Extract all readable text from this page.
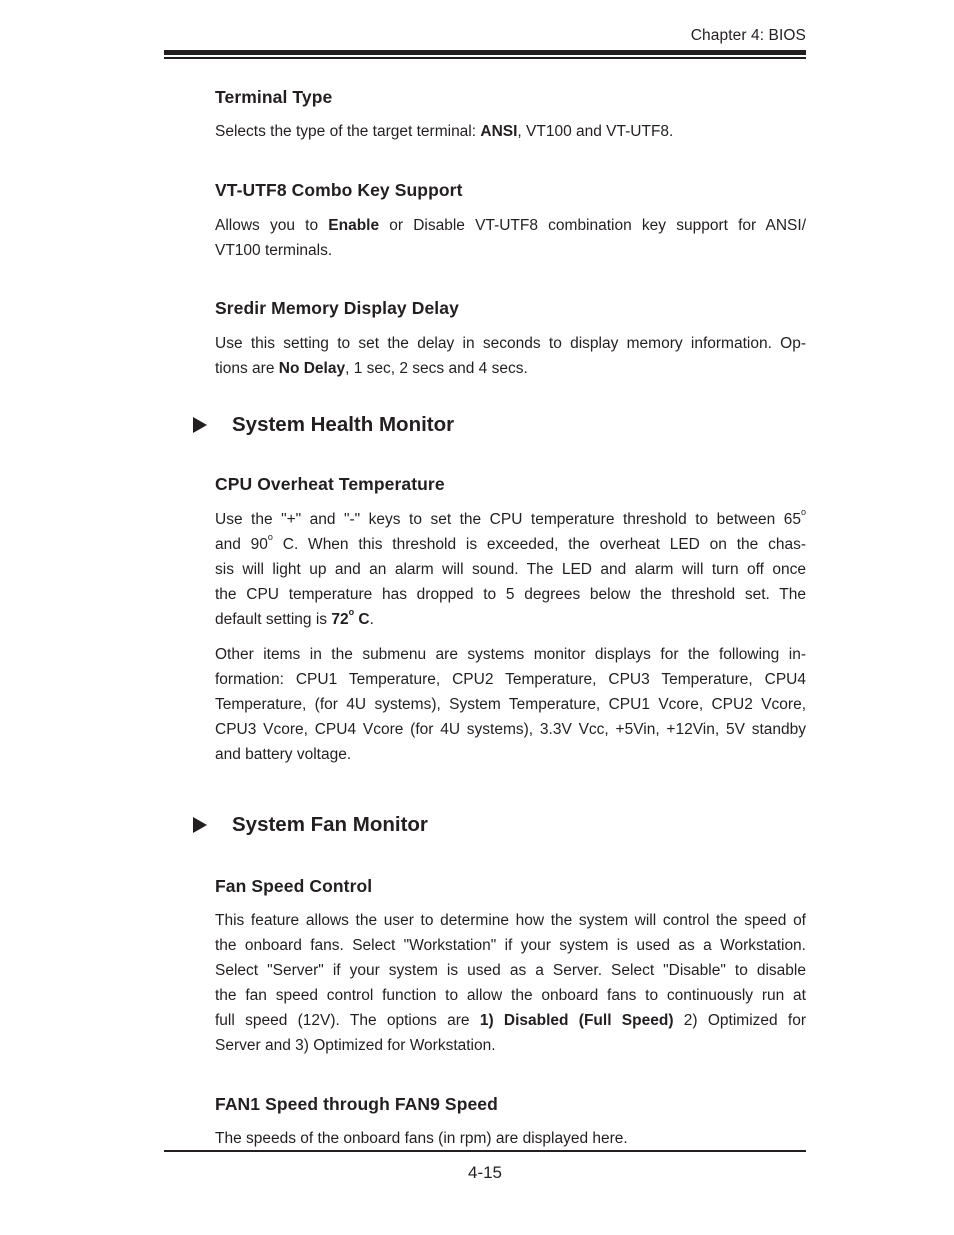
Chapter 4: BIOS
Terminal Type
Selects the type of the target terminal: ANSI, VT100 and VT-UTF8.
VT-UTF8 Combo Key Support
Allows you to Enable or Disable VT-UTF8 combination key support for ANSI/
VT100 terminals.
Sredir Memory Display Delay
Use this setting to set the delay in seconds to display memory information. Op-
tions are No Delay, 1 sec, 2 secs and 4 secs.
System Health Monitor
CPU Overheat Temperature
Use the "+" and "-" keys to set the CPU temperature threshold to between 65$^o$
and 90$^o$ C. When this threshold is exceeded, the overheat LED on the chas-
sis will light up and an alarm will sound. The LED and alarm will turn off once
the CPU temperature has dropped to 5 degrees below the threshold set. The
default setting is 72$^o$ C.
Other items in the submenu are systems monitor displays for the following in-
formation: CPU1 Temperature, CPU2 Temperature, CPU3 Temperature, CPU4
Temperature, (for 4U systems), System Temperature, CPU1 Vcore, CPU2 Vcore,
CPU3 Vcore, CPU4 Vcore (for 4U systems), 3.3V Vcc, +5Vin, +12Vin, 5V standby
and battery voltage.
System Fan Monitor
Fan Speed Control
This feature allows the user to determine how the system will control the speed of
the onboard fans. Select "Workstation" if your system is used as a Workstation.
Select "Server" if your system is used as a Server. Select "Disable" to disable
the fan speed control function to allow the onboard fans to continuously run at
full speed (12V). The options are 1) Disabled (Full Speed) 2) Optimized for
Server and 3) Optimized for Workstation.
FAN1 Speed through FAN9 Speed
The speeds of the onboard fans (in rpm) are displayed here.
4-15
